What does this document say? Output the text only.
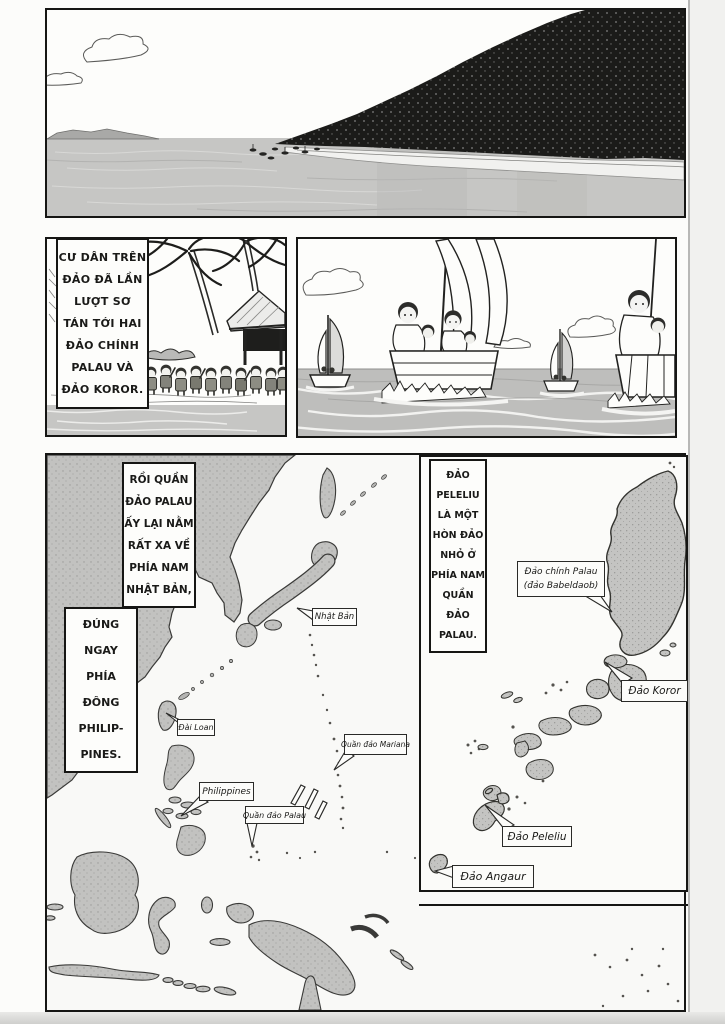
CƯ DÂN TRÊN
ĐẢO ĐÃ LẦN
LƯỢT SƠ
TÁN TỚI HAI
ĐẢO CHÍNH
PALAU VÀ
ĐẢO KOROR.
RỒI QUẦN
ĐẢO PALAU
ẤY LẠI NẰM
RẤT XA VỀ
PHÍA NAM
NHẬT BẢN,
ĐÚNG
NGAY
PHÍA
ĐÔNG
PHILIP-
PINES.
Nhật Bản
Đài Loan
Quần đảo Mariana
Philippines
Quần đảo Palau
ĐẢO
PELELIU
LÀ MỘT
HÒN ĐẢO
NHỎ Ở
PHÍA NAM
QUẦN
ĐẢO
PALAU.
Đảo chính Palau
(đảo Babeldaob)
Đảo Koror
Đảo Peleliu
Đảo Angaur
